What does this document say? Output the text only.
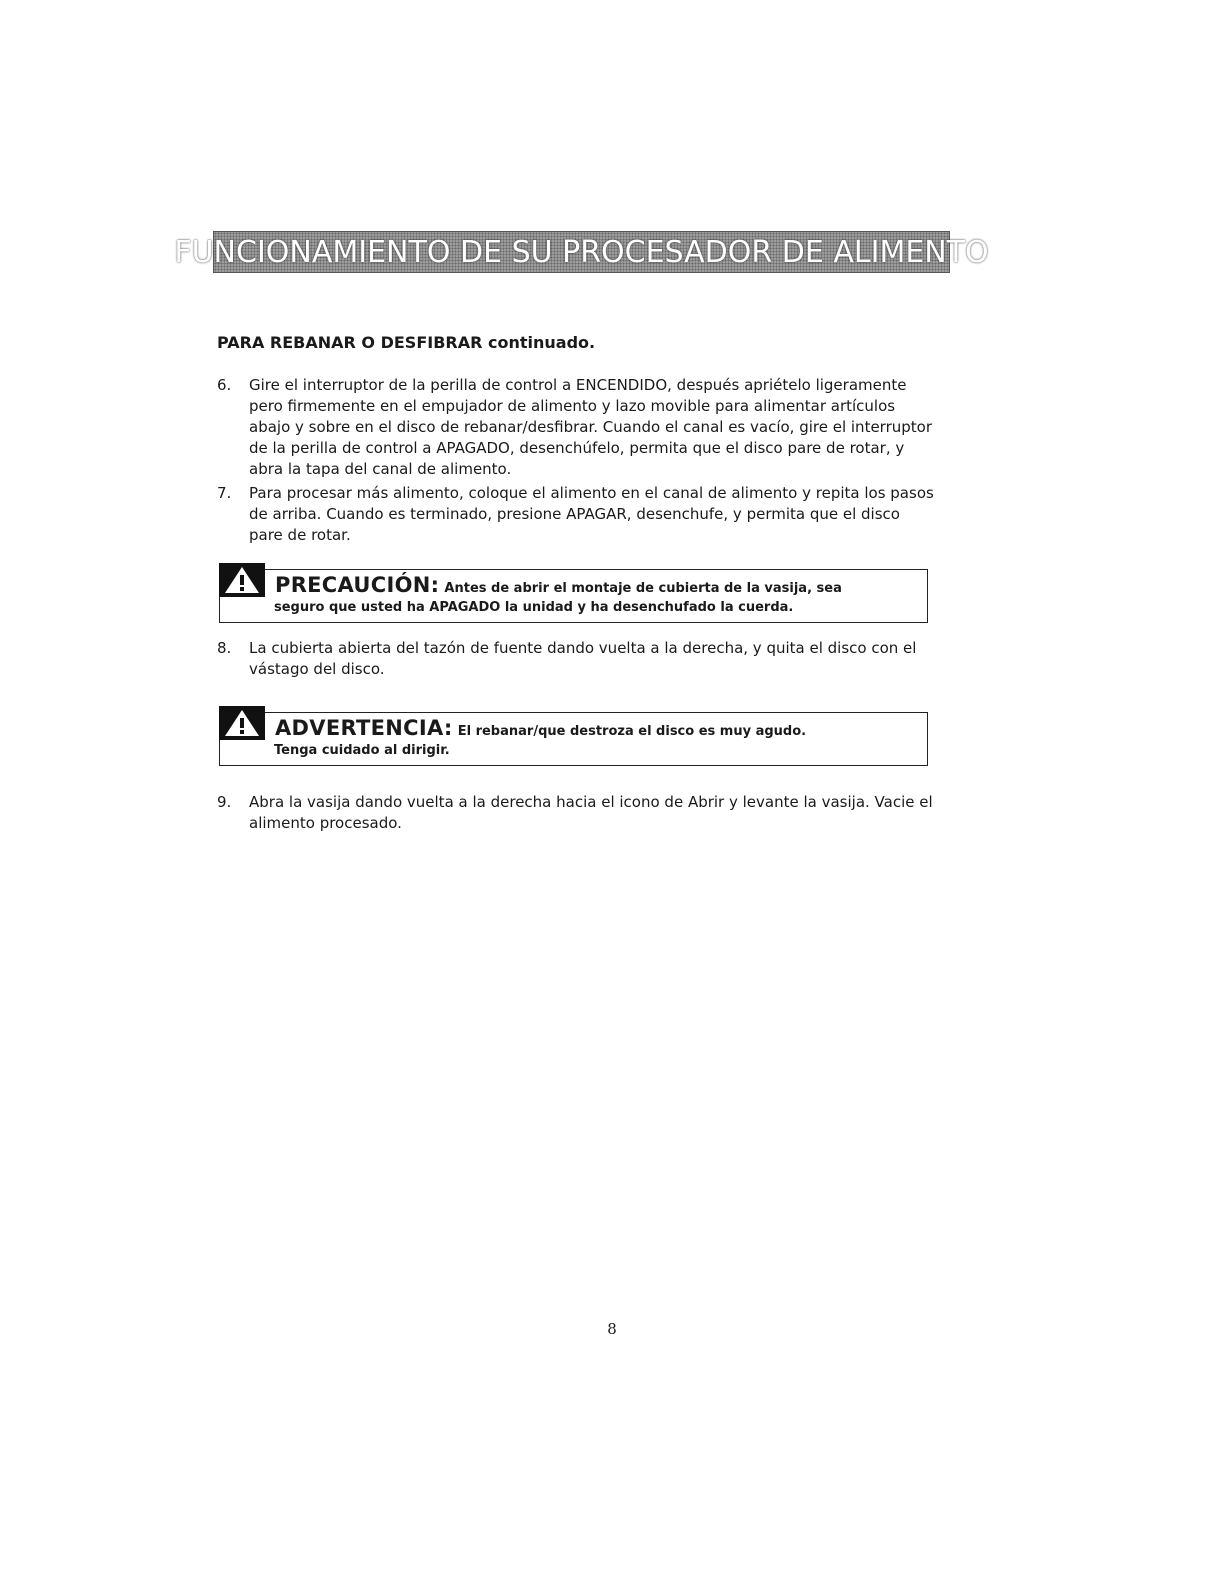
FUNCIONAMIENTO DE SU PROCESADOR DE ALIMENTO
PARA REBANAR O DESFIBRAR continuado.
6.	Gire el interruptor de la perilla de control a ENCENDIDO, después apriételo ligeramente pero firmemente en el empujador de alimento y lazo movible para alimentar artículos abajo y sobre en el disco de rebanar/desfibrar. Cuando el canal es vacío, gire el interruptor de la perilla de control a APAGADO, desenchúfelo, permita que el disco pare de rotar, y abra la tapa del canal de alimento.
7.	Para procesar más alimento, coloque el alimento en el canal de alimento y repita los pasos de arriba. Cuando es terminado, presione APAGAR, desenchufe, y permita que el disco pare de rotar.
PRECAUCIÓN: Antes de abrir el montaje de cubierta de la vasija, sea
seguro que usted ha APAGADO la unidad y ha desenchufado la cuerda.
8.	La cubierta abierta del tazón de fuente dando vuelta a la derecha, y quita el disco con el vástago del disco.
ADVERTENCIA: El rebanar/que destroza el disco es muy agudo.
Tenga cuidado al dirigir.
9.	Abra la vasija dando vuelta a la derecha hacia el icono de Abrir y levante la vasija. Vacie el alimento procesado.
8
